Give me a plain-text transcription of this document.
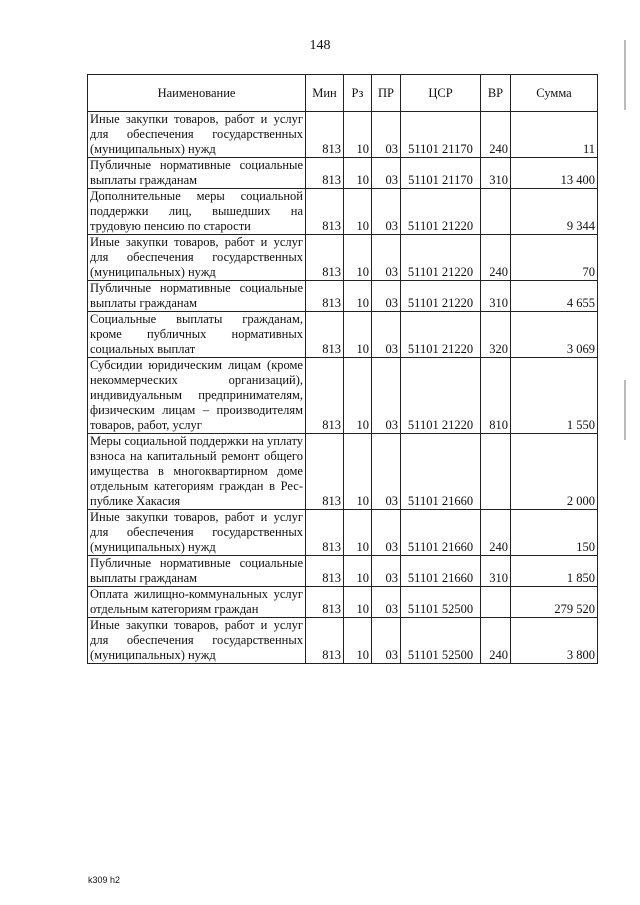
148
Наименование	Мин	Рз	ПР	ЦСР	ВР	Сумма
Иные закупки товаров, работ и услуг для обеспечения государственных (муниципальных) нужд	813	10	03	51101 21170	240	11
Публичные нормативные социальные выплаты гражданам	813	10	03	51101 21170	310	13 400
Дополнительные меры социальной поддержки лиц, вышедших на трудовую пенсию по старости	813	10	03	51101 21220		9 344
Иные закупки товаров, работ и услуг для обеспечения государственных (муниципальных) нужд	813	10	03	51101 21220	240	70
Публичные нормативные социальные выплаты гражданам	813	10	03	51101 21220	310	4 655
Социальные выплаты гражданам, кроме публичных нормативных социальных выплат	813	10	03	51101 21220	320	3 069
Субсидии юридическим лицам (кроме некоммерческих организаций), индивидуальным предпринимателям, физическим лицам – производителям товаров, работ, услуг	813	10	03	51101 21220	810	1 550
Меры социальной поддержки на уплату взноса на капитальный ремонт общего имущества в многоквартирном доме отдельным категориям граждан в Республике Хакасия	813	10	03	51101 21660		2 000
Иные закупки товаров, работ и услуг для обеспечения государственных (муниципальных) нужд	813	10	03	51101 21660	240	150
Публичные нормативные социальные выплаты гражданам	813	10	03	51101 21660	310	1 850
Оплата жилищно-коммунальных услуг отдельным категориям граждан	813	10	03	51101 52500		279 520
Иные закупки товаров, работ и услуг для обеспечения государственных (муниципальных) нужд	813	10	03	51101 52500	240	3 800
k309 h2
